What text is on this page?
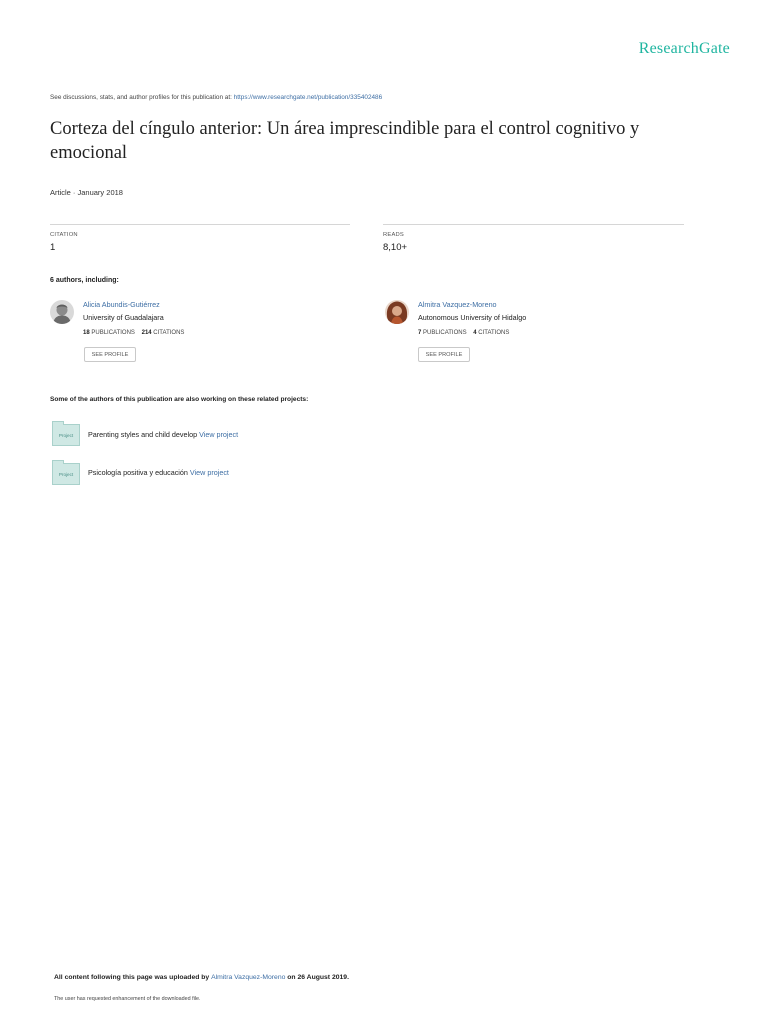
ResearchGate
See discussions, stats, and author profiles for this publication at: https://www.researchgate.net/publication/335402486
Corteza del cíngulo anterior: Un área imprescindible para el control cognitivo y emocional
Article · January 2018
CITATION
1
READS
8,10+
6 authors, including:
Alicia Abundis-Gutiérrez
University of Guadalajara
18 PUBLICATIONS 214 CITATIONS
SEE PROFILE
Almitra Vazquez-Moreno
Autonomous University of Hidalgo
7 PUBLICATIONS 4 CITATIONS
SEE PROFILE
Some of the authors of this publication are also working on these related projects:
Project	Parenting styles and child develop View project
Project	Psicología positiva y educación View project
All content following this page was uploaded by Almitra Vazquez-Moreno on 26 August 2019.
The user has requested enhancement of the downloaded file.
